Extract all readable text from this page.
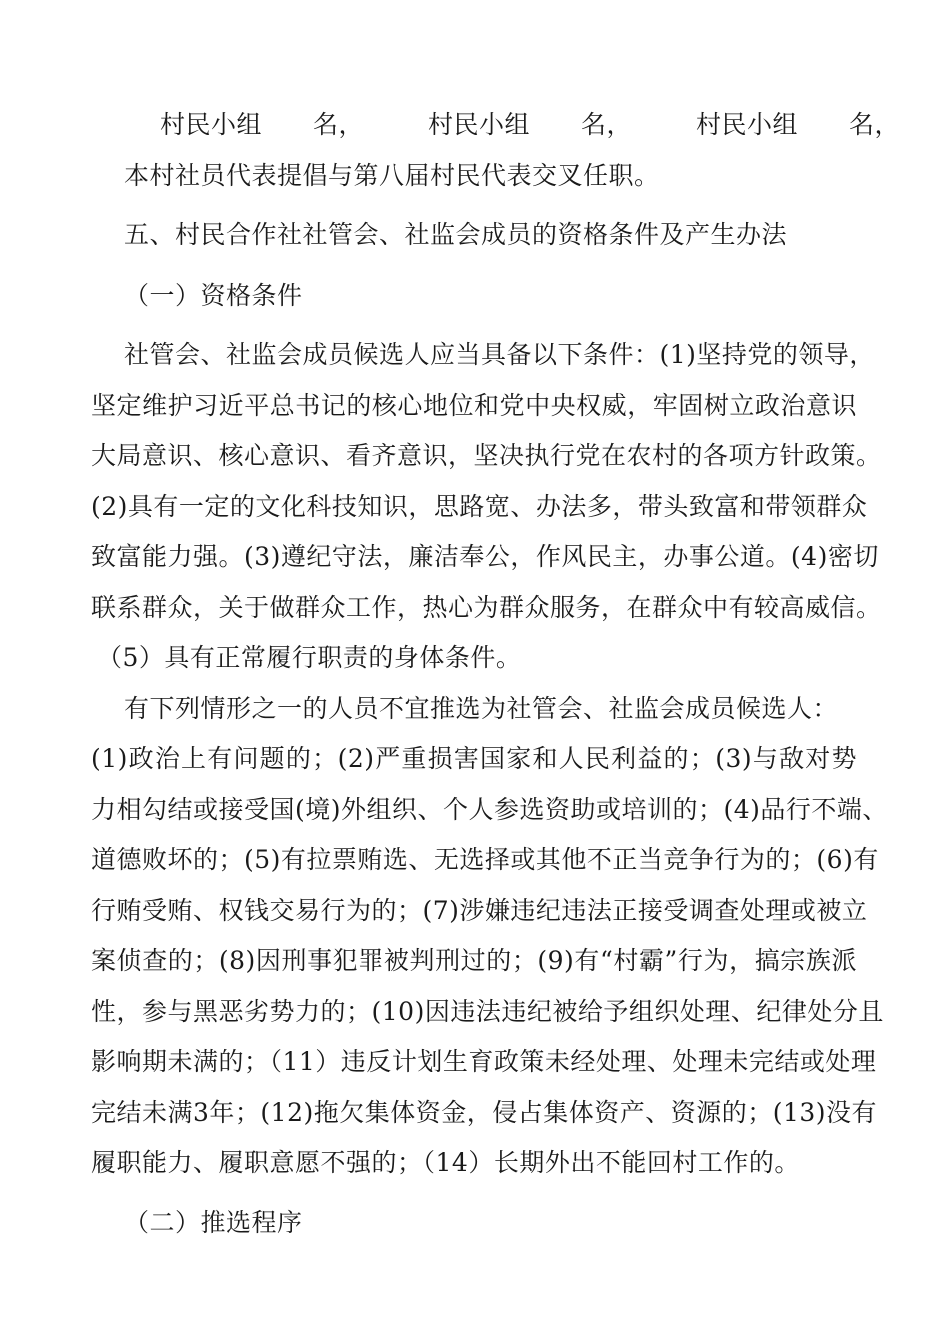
村民小组　　名，　　　村民小组　　名，　　　村民小组　　名，

本村社员代表提倡与第八届村民代表交叉任职。

五、村民合作社社管会、社监会成员的资格条件及产生办法

（一）资格条件

社管会、社监会成员候选人应当具备以下条件：(1)坚持党的领导，

坚定维护习近平总书记的核心地位和党中央权威，牢固树立政治意识

大局意识、核心意识、看齐意识，坚决执行党在农村的各项方针政策。

(2)具有一定的文化科技知识，思路宽、办法多，带头致富和带领群众

致富能力强。(3)遵纪守法，廉洁奉公，作风民主，办事公道。(4)密切

联系群众，关于做群众工作，热心为群众服务，在群众中有较高威信。

（5）具有正常履行职责的身体条件。

有下列情形之一的人员不宜推选为社管会、社监会成员候选人：

(1)政治上有问题的；(2)严重损害国家和人民利益的；(3)与敌对势

力相勾结或接受国(境)外组织、个人参选资助或培训的；(4)品行不端、

道德败坏的；(5)有拉票贿选、无选择或其他不正当竞争行为的；(6)有

行贿受贿、权钱交易行为的；(7)涉嫌违纪违法正接受调查处理或被立

案侦查的；(8)因刑事犯罪被判刑过的；(9)有“村霸”行为，搞宗族派

性，参与黑恶劣势力的；(10)因违法违纪被给予组织处理、纪律处分且

影响期未满的；（11）违反计划生育政策未经处理、处理未完结或处理

完结未满3年；(12)拖欠集体资金，侵占集体资产、资源的；(13)没有

履职能力、履职意愿不强的；（14）长期外出不能回村工作的。

（二）推选程序
